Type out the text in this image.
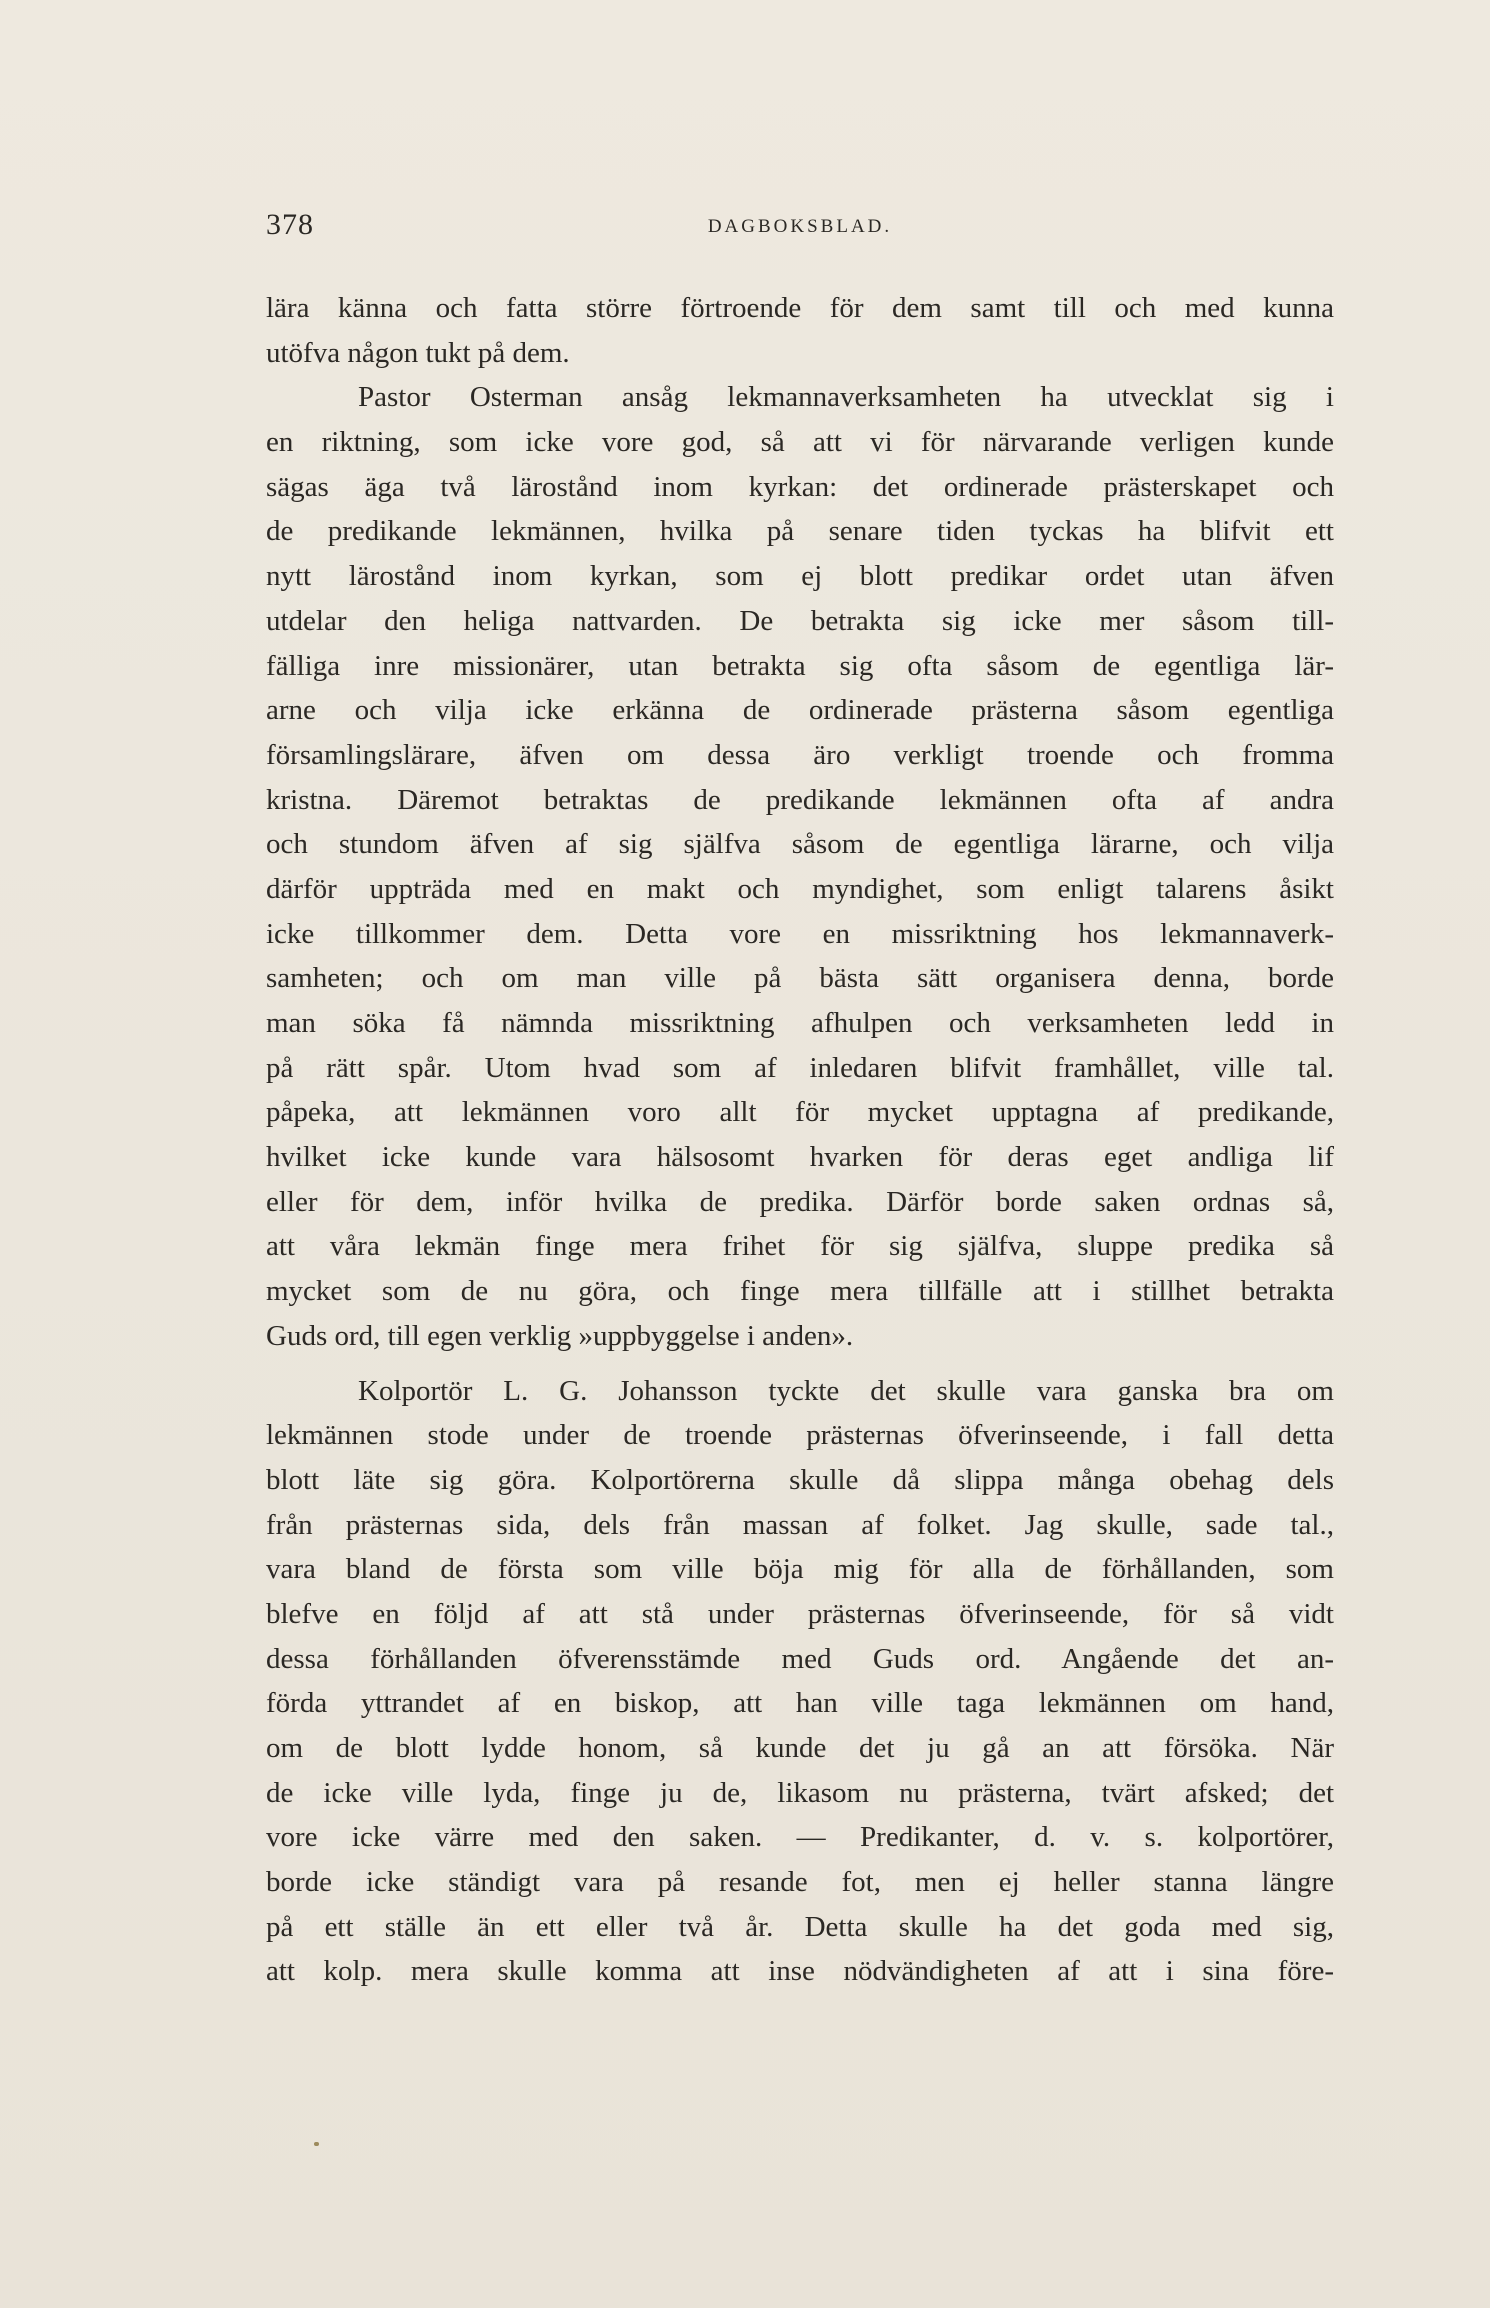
378	DAGBOKSBLAD.
lära känna och fatta större förtroende för dem samt till och med kunna
utöfva någon tukt på dem.
Pastor Osterman ansåg lekmannaverksamheten ha utvecklat sig i
en riktning, som icke vore god, så att vi för närvarande verligen kunde
sägas äga två lärostånd inom kyrkan: det ordinerade prästerskapet och
de predikande lekmännen, hvilka på senare tiden tyckas ha blifvit ett
nytt lärostånd inom kyrkan, som ej blott predikar ordet utan äfven
utdelar den heliga nattvarden. De betrakta sig icke mer såsom till-
fälliga inre missionärer, utan betrakta sig ofta såsom de egentliga lär-
arne och vilja icke erkänna de ordinerade prästerna såsom egentliga
församlingslärare, äfven om dessa äro verkligt troende och fromma
kristna. Däremot betraktas de predikande lekmännen ofta af andra
och stundom äfven af sig själfva såsom de egentliga lärarne, och vilja
därför uppträda med en makt och myndighet, som enligt talarens åsikt
icke tillkommer dem. Detta vore en missriktning hos lekmannaverk-
samheten; och om man ville på bästa sätt organisera denna, borde
man söka få nämnda missriktning afhulpen och verksamheten ledd in
på rätt spår. Utom hvad som af inledaren blifvit framhållet, ville tal.
påpeka, att lekmännen voro allt för mycket upptagna af predikande,
hvilket icke kunde vara hälsosomt hvarken för deras eget andliga lif
eller för dem, inför hvilka de predika. Därför borde saken ordnas så,
att våra lekmän finge mera frihet för sig själfva, sluppe predika så
mycket som de nu göra, och finge mera tillfälle att i stillhet betrakta
Guds ord, till egen verklig »uppbyggelse i anden».
Kolportör L. G. Johansson tyckte det skulle vara ganska bra om
lekmännen stode under de troende prästernas öfverinseende, i fall detta
blott läte sig göra. Kolportörerna skulle då slippa många obehag dels
från prästernas sida, dels från massan af folket. Jag skulle, sade tal.,
vara bland de första som ville böja mig för alla de förhållanden, som
blefve en följd af att stå under prästernas öfverinseende, för så vidt
dessa förhållanden öfverensstämde med Guds ord. Angående det an-
förda yttrandet af en biskop, att han ville taga lekmännen om hand,
om de blott lydde honom, så kunde det ju gå an att försöka. När
de icke ville lyda, finge ju de, likasom nu prästerna, tvärt afsked; det
vore icke värre med den saken. — Predikanter, d. v. s. kolportörer,
borde icke ständigt vara på resande fot, men ej heller stanna längre
på ett ställe än ett eller två år. Detta skulle ha det goda med sig,
att kolp. mera skulle komma att inse nödvändigheten af att i sina före-
